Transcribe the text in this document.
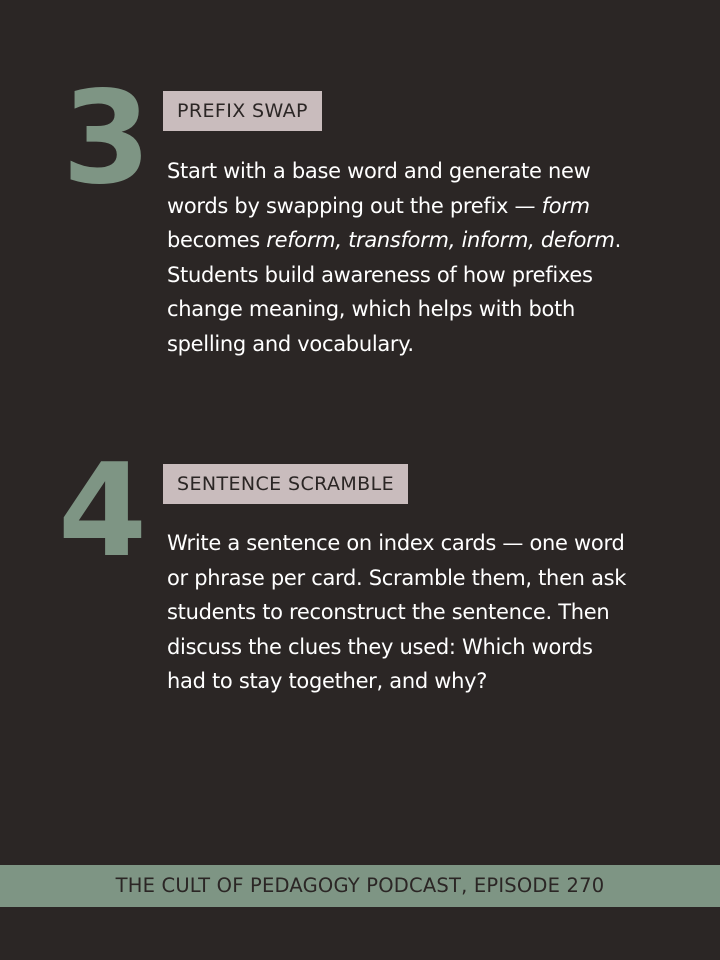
3	PREFIX SWAP
Start with a base word and generate new words by swapping out the prefix — form becomes reform, transform, inform, deform. Students build awareness of how prefixes change meaning, which helps with both spelling and vocabulary.
4	SENTENCE SCRAMBLE
Write a sentence on index cards — one word or phrase per card. Scramble them, then ask students to reconstruct the sentence. Then discuss the clues they used: Which words had to stay together, and why?
THE CULT OF PEDAGOGY PODCAST, EPISODE 270
